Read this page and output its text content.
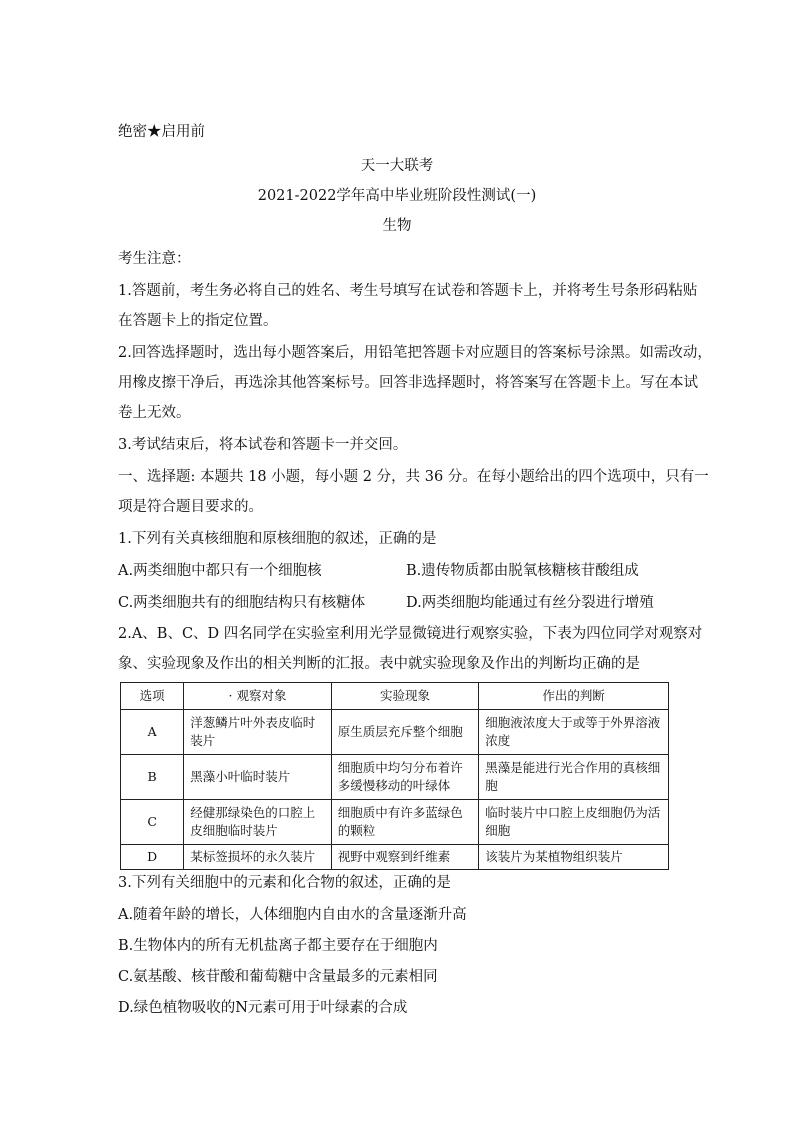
绝密★启用前
天一大联考
2021-2022学年高中毕业班阶段性测试(一)
生物
考生注意：
1.答题前，考生务必将自己的姓名、考生号填写在试卷和答题卡上，并将考生号条形码粘贴
在答题卡上的指定位置。
2.回答选择题时，选出每小题答案后，用铅笔把答题卡对应题目的答案标号涂黑。如需改动，
用橡皮擦干净后，再选涂其他答案标号。回答非选择题时，将答案写在答题卡上。写在本试
卷上无效。
3.考试结束后，将本试卷和答题卡一并交回。
一、选择题: 本题共 18 小题，每小题 2 分，共 36 分。在每小题给出的四个选项中，只有一
项是符合题目要求的。
1.下列有关真核细胞和原核细胞的叙述，正确的是
A.两类细胞中都只有一个细胞核	B.遗传物质都由脱氧核糖核苷酸组成
C.两类细胞共有的细胞结构只有核糖体	D.两类细胞均能通过有丝分裂进行增殖
2.A、B、C、D 四名同学在实验室利用光学显微镜进行观察实验，下表为四位同学对观察对
象、实验现象及作出的相关判断的汇报。表中就实验现象及作出的判断均正确的是
选项	· 观察对象	实验现象	作出的判断
A	洋葱鳞片叶外表皮临时装片	原生质层充斥整个细胞	细胞液浓度大于或等于外界溶液浓度
B	黑藻小叶临时装片	细胞质中均匀分布着许多缓慢移动的叶绿体	黑藻是能进行光合作用的真核细胞
C	经健那绿染色的口腔上皮细胞临时装片	细胞质中有许多蓝绿色的颗粒	临时装片中口腔上皮细胞仍为活细胞
D	某标签损坏的永久装片	视野中观察到纤维素	该装片为某植物组织装片
3.下列有关细胞中的元素和化合物的叙述，正确的是
A.随着年龄的增长，人体细胞内自由水的含量逐渐升高
B.生物体内的所有无机盐离子都主要存在于细胞内
C.氨基酸、核苷酸和葡萄糖中含量最多的元素相同
D.绿色植物吸收的N元素可用于叶绿素的合成
